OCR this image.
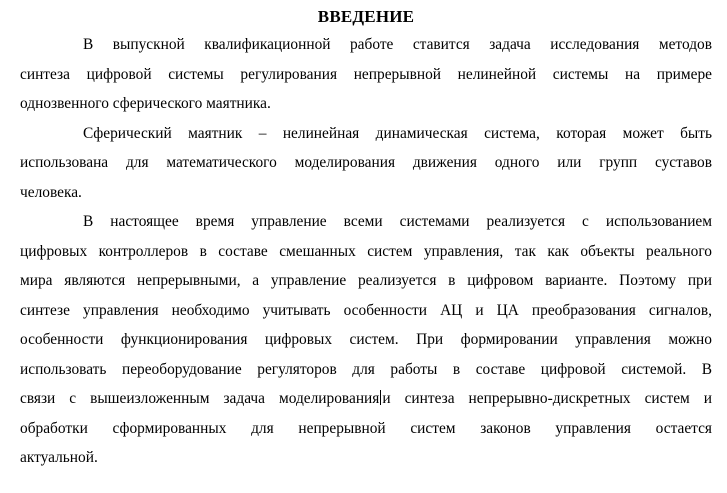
ВВЕДЕНИЕ

В выпускной квалификационной работе ставится задача исследования методов
синтеза цифровой системы регулирования непрерывной нелинейной системы на примере
однозвенного сферического маятника.

Сферический маятник – нелинейная динамическая система, которая может быть
использована для математического моделирования движения одного или групп суставов
человека.

В настоящее время управление всеми системами реализуется с использованием
цифровых контроллеров в составе смешанных систем управления, так как объекты реального
мира являются непрерывными, а управление реализуется в цифровом варианте. Поэтому при
синтезе управления необходимо учитывать особенности АЦ и ЦА преобразования сигналов,
особенности функционирования цифровых систем. При формировании управления можно
использовать переоборудование регуляторов для работы в составе цифровой системой. В
связи с вышеизложенным задача моделирования и синтеза непрерывно-дискретных систем и
обработки сформированных для непрерывной систем законов управления остается
актуальной.
